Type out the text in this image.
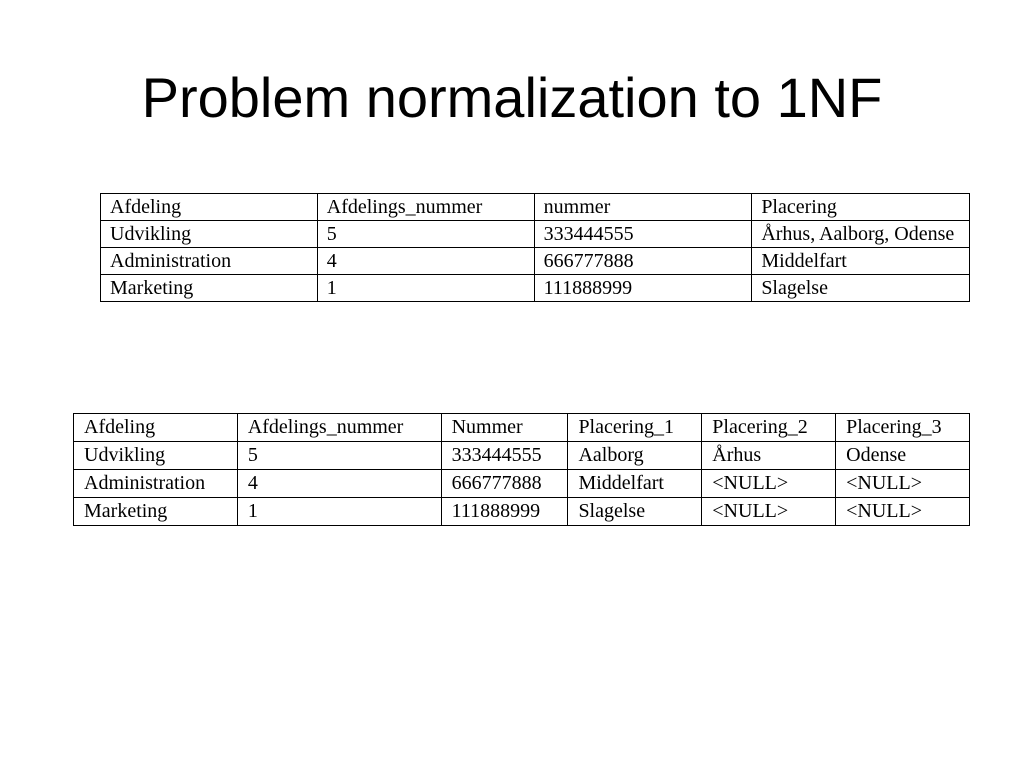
Problem normalization to 1NF
Afdeling	Afdelings_nummer	nummer	Placering
Udvikling	5	333444555	Århus, Aalborg, Odense
Administration	4	666777888	Middelfart
Marketing	1	111888999	Slagelse
Afdeling	Afdelings_nummer	Nummer	Placering_1	Placering_2	Placering_3
Udvikling	5	333444555	Aalborg	Århus	Odense
Administration	4	666777888	Middelfart	<NULL>	<NULL>
Marketing	1	111888999	Slagelse	<NULL>	<NULL>
